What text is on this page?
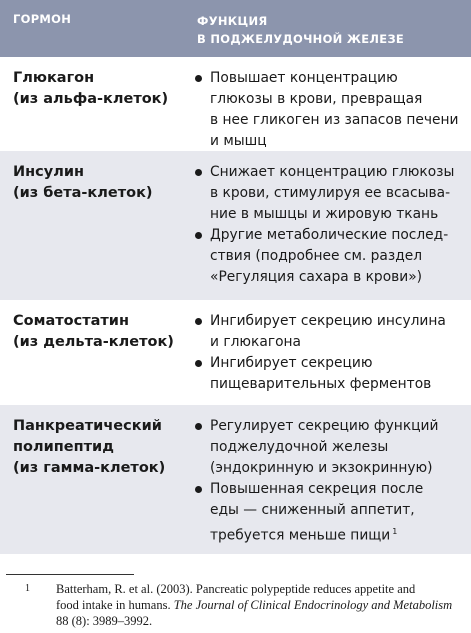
ГОРМОН	ФУНКЦИЯ
В ПОДЖЕЛУДОЧНОЙ ЖЕЛЕЗЕ
Глюкагон
(из альфа-клеток)
Повышает концентрацию
глюкозы в крови, превращая
в нее гликоген из запасов печени
и мышц
Инсулин
(из бета-клеток)
Снижает концентрацию глюкозы
в крови, стимулируя ее всасыва-
ние в мышцы и жировую ткань
Другие метаболические послед-
ствия (подробнее см. раздел
«Регуляция сахара в крови»)
Соматостатин
(из дельта-клеток)
Ингибирует секрецию инсулина
и глюкагона
Ингибирует секрецию
пищеварительных ферментов
Панкреатический
полипептид
(из гамма-клеток)
Регулирует секрецию функций
поджелудочной железы
(эндокринную и экзокринную)
Повышенная секреция после
еды — сниженный аппетит,
требуется меньше пищи $^1$
1 Batterham, R. et al. (2003). Pancreatic polypeptide reduces appetite and
food intake in humans. The Journal of Clinical Endocrinology and Metabolism
88 (8): 3989–3992.
